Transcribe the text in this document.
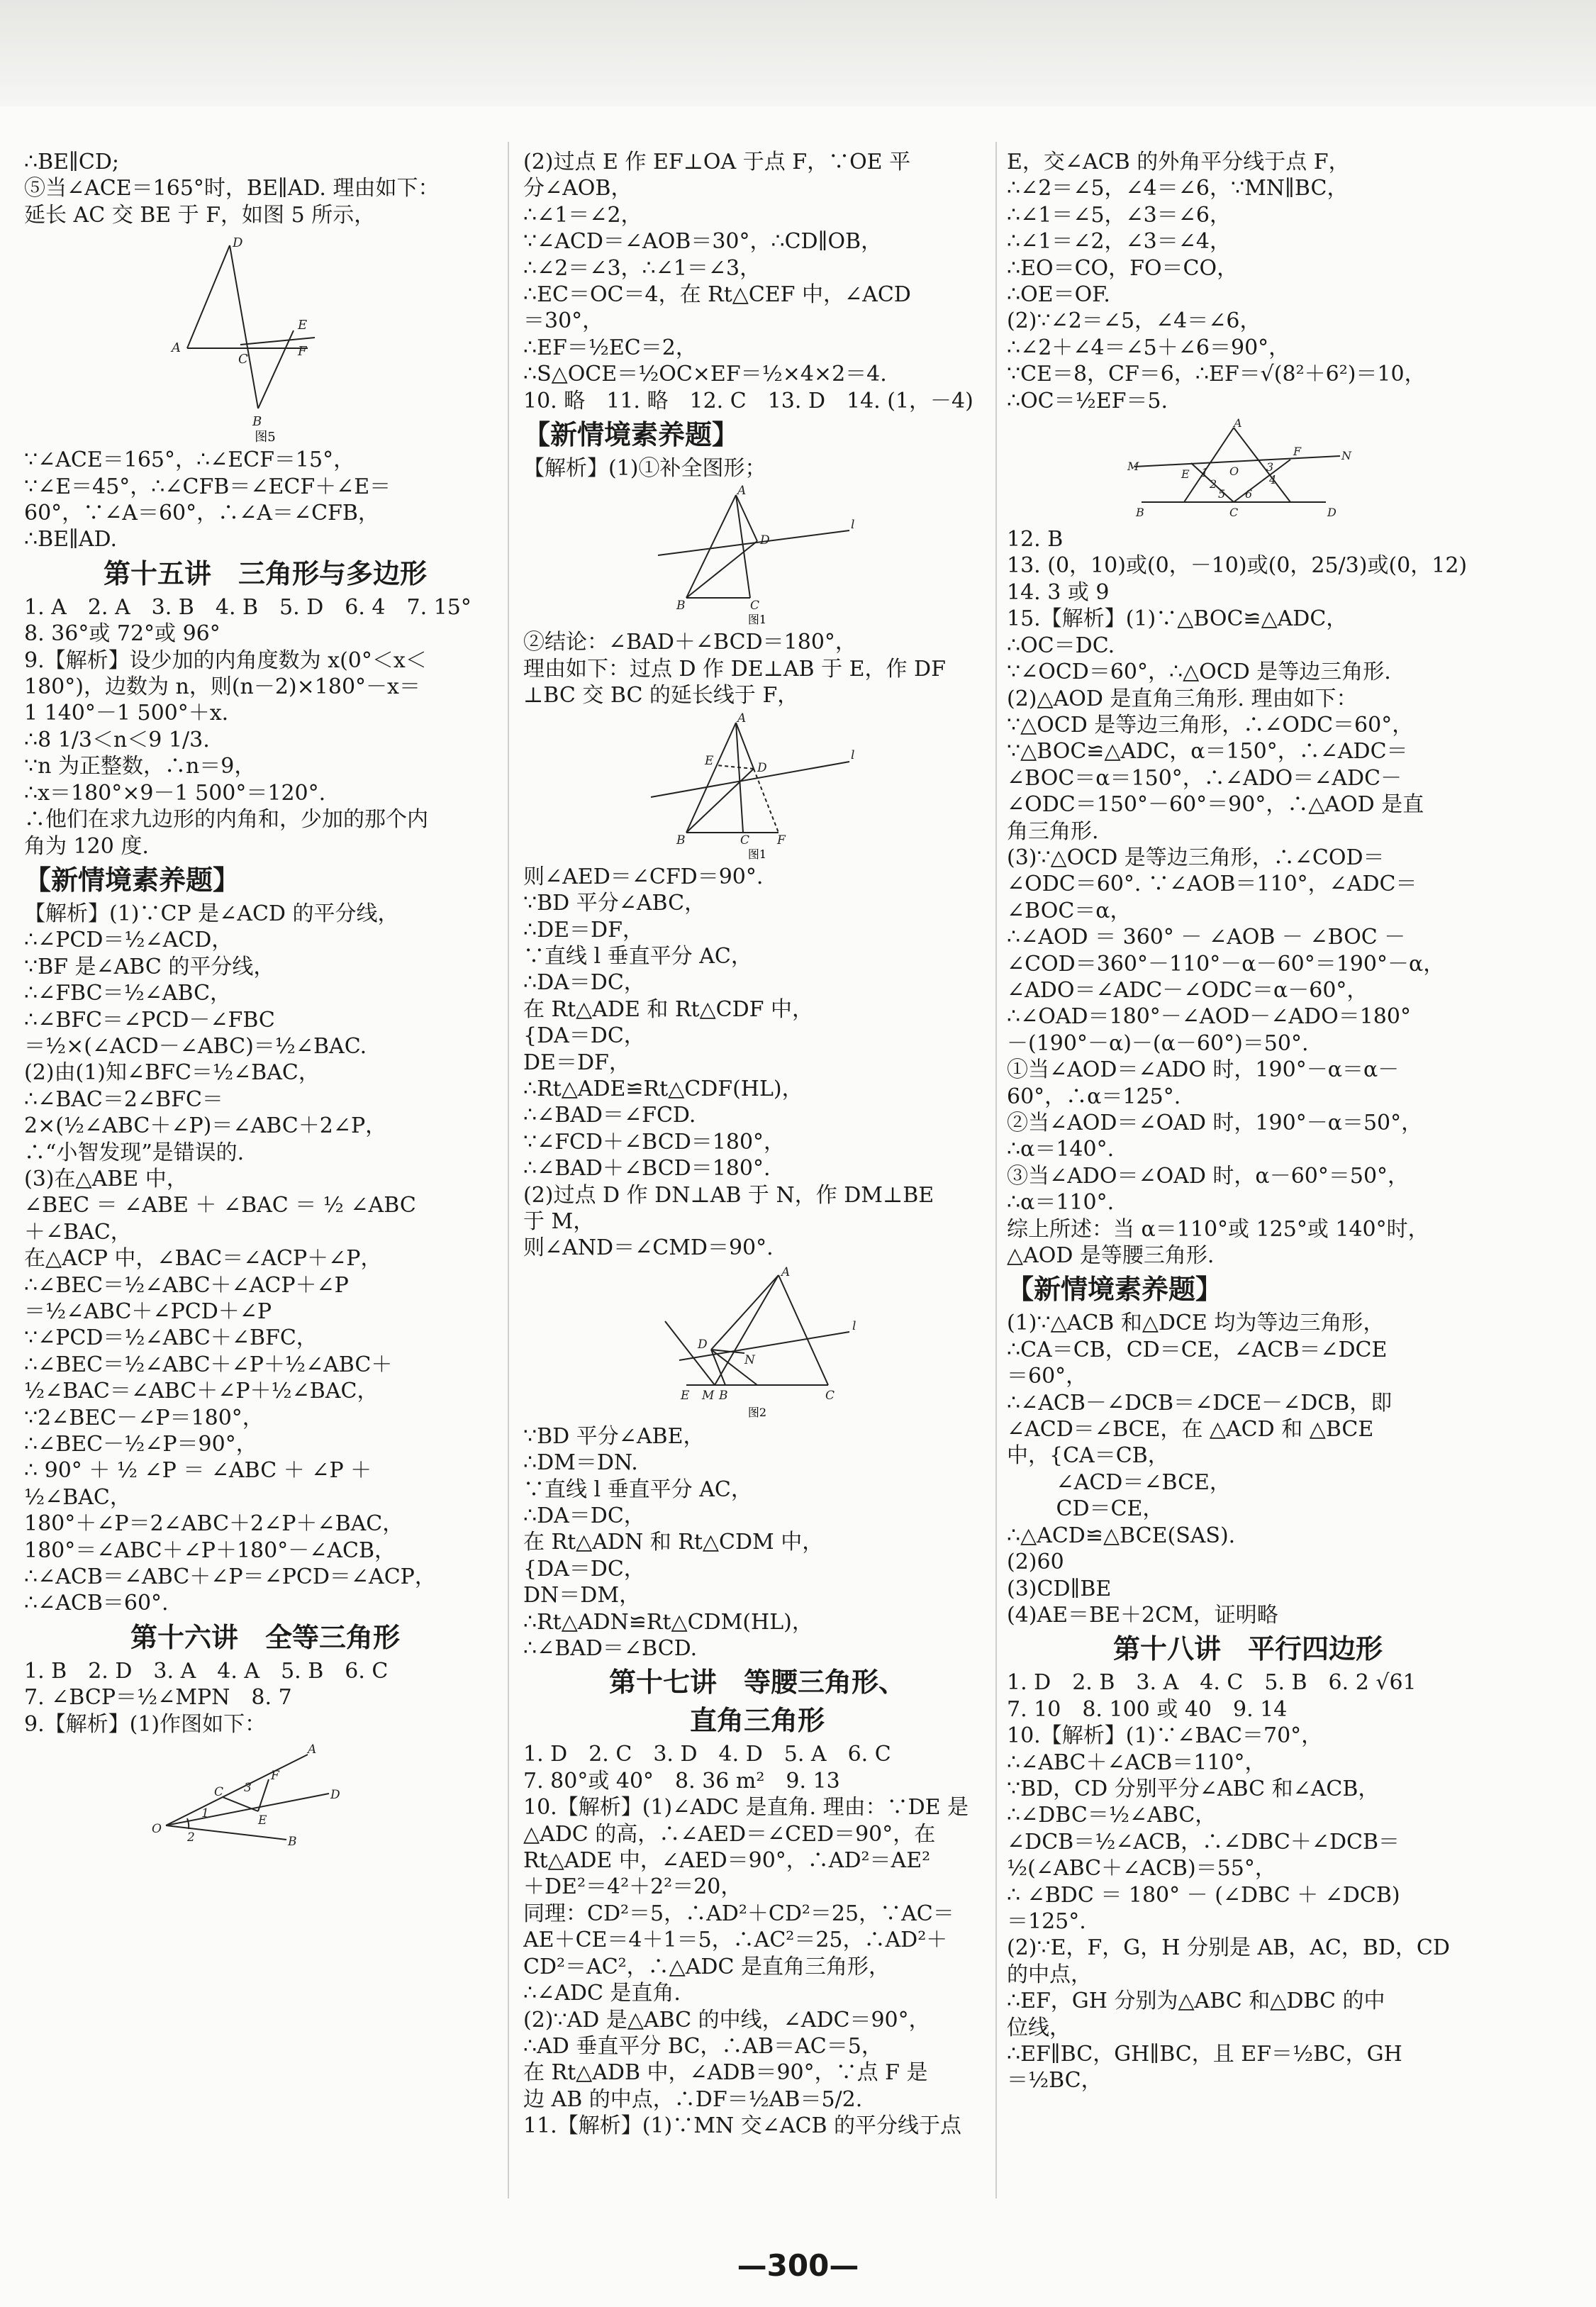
∴BE∥CD;
⑤当∠ACE＝165°时，BE∥AD. 理由如下：
延长 AC 交 BE 于 F，如图 5 所示，
D
A
C
F
E
B
图5
∵∠ACE＝165°，∴∠ECF＝15°，
∵∠E＝45°，∴∠CFB＝∠ECF＋∠E＝
60°，∵∠A＝60°，∴∠A＝∠CFB，
∴BE∥AD.
第十五讲　三角形与多边形
1. A　2. A　3. B　4. B　5. D　6. 4　7. 15°
8. 36°或 72°或 96°
9.【解析】设少加的内角度数为 x(0°＜x＜
180°)，边数为 n，则(n－2)×180°－x＝
1 140°－1 500°＋x.
∴8 1/3＜n＜9 1/3.
∵n 为正整数，∴n＝9，
∴x＝180°×9－1 500°＝120°.
∴他们在求九边形的内角和，少加的那个内
角为 120 度.
【新情境素养题】
【解析】(1)∵CP 是∠ACD 的平分线，
∴∠PCD＝½∠ACD，
∵BF 是∠ABC 的平分线，
∴∠FBC＝½∠ABC，
∴∠BFC＝∠PCD－∠FBC
＝½×(∠ACD－∠ABC)＝½∠BAC.
(2)由(1)知∠BFC＝½∠BAC，
∴∠BAC＝2∠BFC＝
2×(½∠ABC＋∠P)＝∠ABC＋2∠P，
∴“小智发现”是错误的.
(3)在△ABE 中，
∠BEC ＝ ∠ABE ＋ ∠BAC ＝ ½ ∠ABC
＋∠BAC，
在△ACP 中，∠BAC＝∠ACP＋∠P，
∴∠BEC＝½∠ABC＋∠ACP＋∠P
＝½∠ABC＋∠PCD＋∠P
∵∠PCD＝½∠ABC＋∠BFC，
∴∠BEC＝½∠ABC＋∠P＋½∠ABC＋
½∠BAC＝∠ABC＋∠P＋½∠BAC，
∵2∠BEC－∠P＝180°，
∴∠BEC－½∠P＝90°，
∴ 90° ＋ ½ ∠P ＝ ∠ABC ＋ ∠P ＋
½∠BAC，
180°＋∠P＝2∠ABC＋2∠P＋∠BAC，
180°＝∠ABC＋∠P＋180°－∠ACB，
∴∠ACB＝∠ABC＋∠P＝∠PCD＝∠ACP，
∴∠ACB＝60°.
第十六讲　全等三角形
1. B　2. D　3. A　4. A　5. B　6. C
7. ∠BCP＝½∠MPN　8. 7
9.【解析】(1)作图如下：
A
C 3
F
1	E
D
O
2	B
(2)过点 E 作 EF⊥OA 于点 F，∵OE 平
分∠AOB，
∴∠1＝∠2，
∵∠ACD＝∠AOB＝30°，∴CD∥OB，
∴∠2＝∠3，∴∠1＝∠3，
∴EC＝OC＝4，在 Rt△CEF 中，∠ACD
＝30°，
∴EF＝½EC＝2，
∴S△OCE＝½OC×EF＝½×4×2＝4.
10. 略　11. 略　12. C　13. D　14. (1，－4)
【新情境素养题】
【解析】(1)①补全图形；
A
l
D
B	C
图1
②结论：∠BAD＋∠BCD＝180°，
理由如下：过点 D 作 DE⊥AB 于 E，作 DF
⊥BC 交 BC 的延长线于 F，
A
E	D
l
B	C F
图1
则∠AED＝∠CFD＝90°.
∵BD 平分∠ABC，
∴DE＝DF，
∵直线 l 垂直平分 AC，
∴DA＝DC，
在 Rt△ADE 和 Rt△CDF 中，
{DA＝DC，
DE＝DF，
∴Rt△ADE≌Rt△CDF(HL)，
∴∠BAD＝∠FCD.
∵∠FCD＋∠BCD＝180°，
∴∠BAD＋∠BCD＝180°.
(2)过点 D 作 DN⊥AB 于 N，作 DM⊥BE
于 M，
则∠AND＝∠CMD＝90°.
A
D
l
N
E M B	C
图2
∵BD 平分∠ABE，
∴DM＝DN.
∵直线 l 垂直平分 AC，
∴DA＝DC，
在 Rt△ADN 和 Rt△CDM 中，
{DA＝DC，
DN＝DM，
∴Rt△ADN≌Rt△CDM(HL)，
∴∠BAD＝∠BCD.
第十七讲　等腰三角形、
直角三角形
1. D　2. C　3. D　4. D　5. A　6. C
7. 80°或 40°　8. 36 m²　9. 13
10.【解析】(1)∠ADC 是直角. 理由：∵DE 是
△ADC 的高，∴∠AED＝∠CED＝90°，在
Rt△ADE 中，∠AED＝90°，∴AD²＝AE²
＋DE²＝4²＋2²＝20，
同理：CD²＝5，∴AD²＋CD²＝25，∵AC＝
AE＋CE＝4＋1＝5，∴AC²＝25，∴AD²＋
CD²＝AC²，∴△ADC 是直角三角形，
∴∠ADC 是直角.
(2)∵AD 是△ABC 的中线，∠ADC＝90°，
∴AD 垂直平分 BC，∴AB＝AC＝5，
在 Rt△ADB 中，∠ADB＝90°，∵点 F 是
边 AB 的中点，∴DF＝½AB＝5/2.
11.【解析】(1)∵MN 交∠ACB 的平分线于点
E，交∠ACB 的外角平分线于点 F，
∴∠2＝∠5，∠4＝∠6，∵MN∥BC，
∴∠1＝∠5，∠3＝∠6，
∴∠1＝∠2，∠3＝∠4，
∴EO＝CO，FO＝CO，
∴OE＝OF.
(2)∵∠2＝∠5，∠4＝∠6，
∴∠2＋∠4＝∠5＋∠6＝90°，
∵CE＝8，CF＝6，∴EF＝√(8²＋6²)＝10，
∴OC＝½EF＝5.
M
A
E	O
F	N
1
2
3
4
5 6
B	C	D
12. B
13. (0，10)或(0，－10)或(0，25/3)或(0，12)
14. 3 或 9
15.【解析】(1)∵△BOC≌△ADC，
∴OC＝DC.
∵∠OCD＝60°，∴△OCD 是等边三角形.
(2)△AOD 是直角三角形. 理由如下：
∵△OCD 是等边三角形，∴∠ODC＝60°，
∵△BOC≌△ADC，α＝150°，∴∠ADC＝
∠BOC＝α＝150°，∴∠ADO＝∠ADC－
∠ODC＝150°－60°＝90°，∴△AOD 是直
角三角形.
(3)∵△OCD 是等边三角形，∴∠COD＝
∠ODC＝60°. ∵∠AOB＝110°，∠ADC＝
∠BOC＝α，
∴∠AOD ＝ 360° － ∠AOB － ∠BOC －
∠COD＝360°－110°－α－60°＝190°－α，
∠ADO＝∠ADC－∠ODC＝α－60°，
∴∠OAD＝180°－∠AOD－∠ADO＝180°
－(190°－α)－(α－60°)＝50°.
①当∠AOD＝∠ADO 时，190°－α＝α－
60°，∴α＝125°.
②当∠AOD＝∠OAD 时，190°－α＝50°，
∴α＝140°.
③当∠ADO＝∠OAD 时，α－60°＝50°，
∴α＝110°.
综上所述：当 α＝110°或 125°或 140°时，
△AOD 是等腰三角形.
【新情境素养题】
(1)∵△ACB 和△DCE 均为等边三角形，
∴CA＝CB，CD＝CE，∠ACB＝∠DCE
＝60°，
∴∠ACB－∠DCB＝∠DCE－∠DCB，即
∠ACD＝∠BCE，在 △ACD 和 △BCE
中，{CA＝CB，
　　 ∠ACD＝∠BCE，
　　 CD＝CE，
∴△ACD≌△BCE(SAS).
(2)60
(3)CD∥BE
(4)AE＝BE＋2CM，证明略
第十八讲　平行四边形
1. D　2. B　3. A　4. C　5. B　6. 2 √61
7. 10　8. 100 或 40　9. 14
10.【解析】(1)∵∠BAC＝70°，
∴∠ABC＋∠ACB＝110°，
∵BD，CD 分别平分∠ABC 和∠ACB，
∴∠DBC＝½∠ABC，
∠DCB＝½∠ACB，∴∠DBC＋∠DCB＝
½(∠ABC＋∠ACB)＝55°，
∴ ∠BDC ＝ 180° － (∠DBC ＋ ∠DCB)
＝125°.
(2)∵E，F，G，H 分别是 AB，AC，BD，CD
的中点，
∴EF，GH 分别为△ABC 和△DBC 的中
位线，
∴EF∥BC，GH∥BC，且 EF＝½BC，GH
＝½BC，
—300—
